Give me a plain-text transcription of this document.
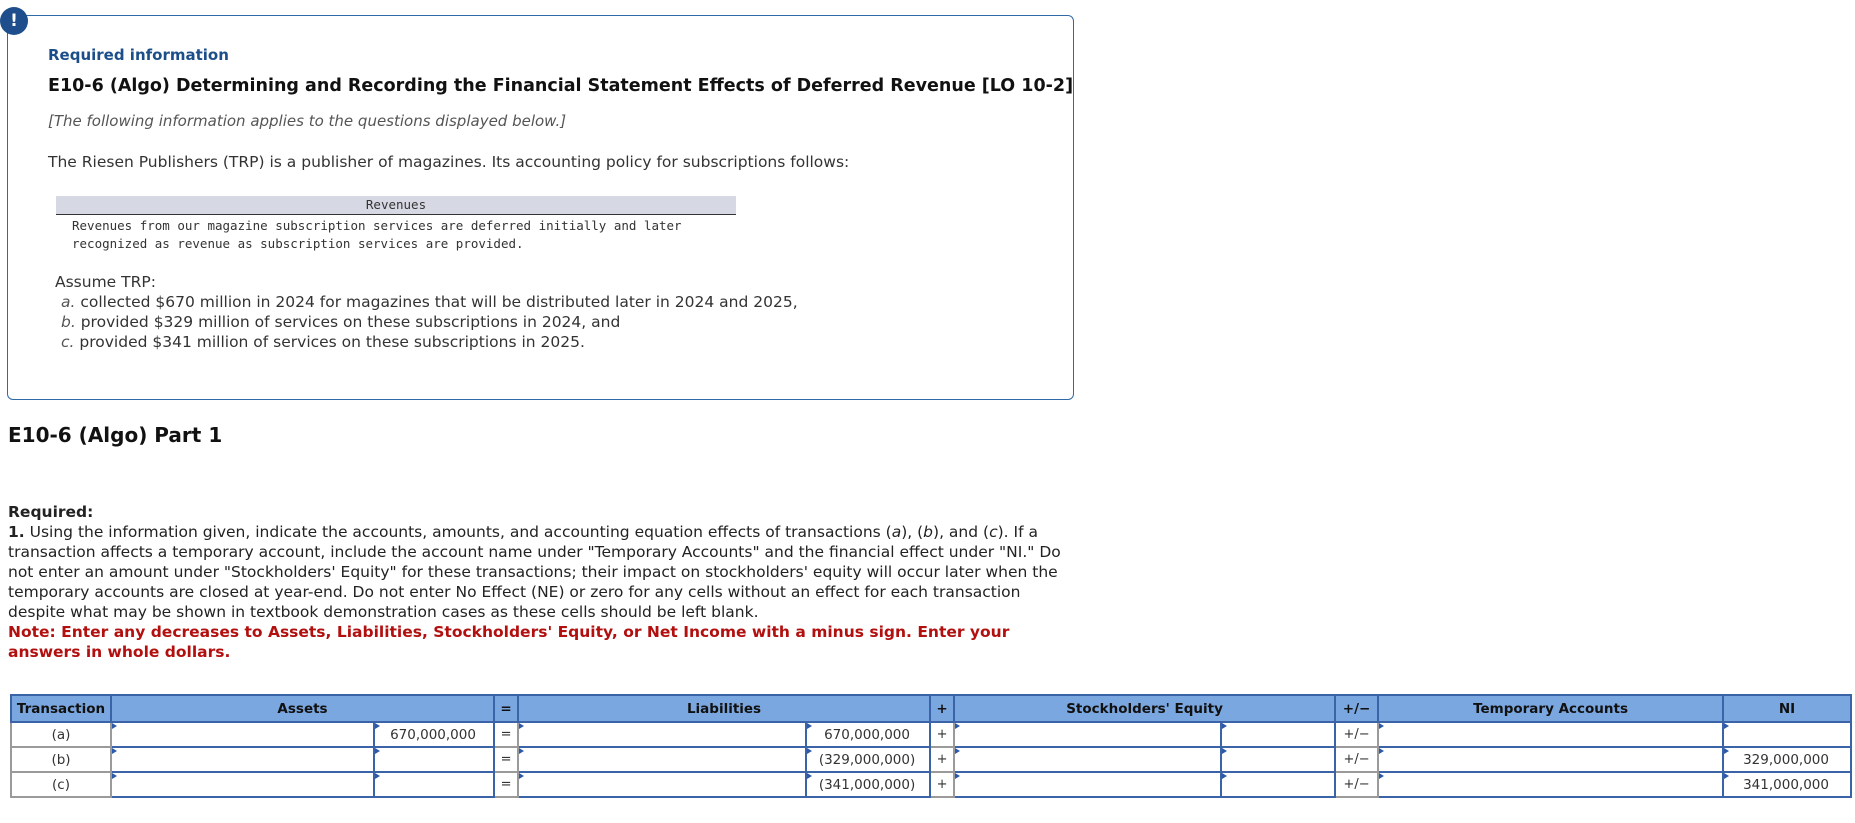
!
Required information
E10-6 (Algo) Determining and Recording the Financial Statement Effects of Deferred Revenue [LO 10-2]
[The following information applies to the questions displayed below.]
The Riesen Publishers (TRP) is a publisher of magazines. Its accounting policy for subscriptions follows:
Revenues
Revenues from our magazine subscription services are deferred initially and later
recognized as revenue as subscription services are provided.
Assume TRP:
a. collected $670 million in 2024 for magazines that will be distributed later in 2024 and 2025,
b. provided $329 million of services on these subscriptions in 2024, and
c. provided $341 million of services on these subscriptions in 2025.
E10-6 (Algo) Part 1
Required:
1. Using the information given, indicate the accounts, amounts, and accounting equation effects of transactions (a), (b), and (c). If a transaction affects a temporary account, include the account name under "Temporary Accounts" and the financial effect under "NI." Do not enter an amount under "Stockholders' Equity" for these transactions; their impact on stockholders' equity will occur later when the temporary accounts are closed at year-end. Do not enter No Effect (NE) or zero for any cells without an effect for each transaction despite what may be shown in textbook demonstration cases as these cells should be left blank.
Note: Enter any decreases to Assets, Liabilities, Stockholders' Equity, or Net Income with a minus sign. Enter your answers in whole dollars.
Transaction	Assets		=	Liabilities		+	Stockholders' Equity		+/−	Temporary Accounts	NI
(a)		670,000,000	=		670,000,000	+			+/−		
(b)			=		(329,000,000)	+			+/−		329,000,000
(c)			=		(341,000,000)	+			+/−		341,000,000
